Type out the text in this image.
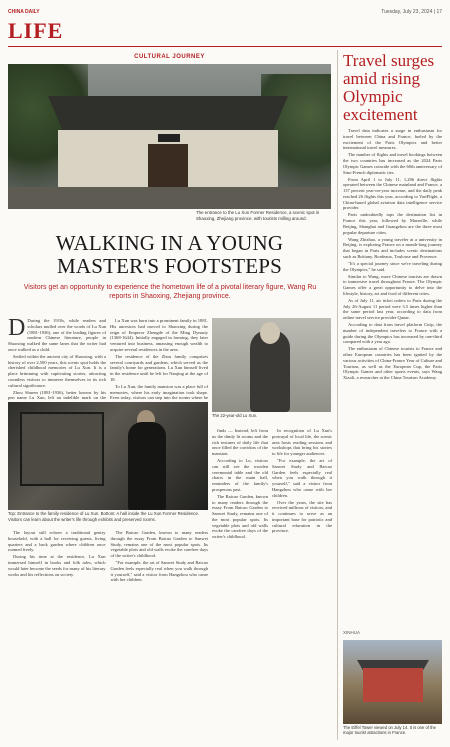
CHINA DAILY	Tuesday, July 23, 2024 | 17
LIFE
CULTURAL JOURNEY
The entrance to the Lu Xun Former Residence, a scenic spot in Shaoxing, Zhejiang province, with tourists milling around.
WALKING IN A YOUNG MASTER'S FOOTSTEPS
Visitors get an opportunity to experience the hometown life of a pivotal literary figure, Wang Ru reports in Shaoxing, Zhejiang province.

D During the 1910s, while readers and scholars mulled over the words of Lu Xun (1881-1936), one of the leading figures of modern Chinese literature, people in Shaoxing walked the same lanes that the writer had once walked as a child.

Settled within the ancient city of Shaoxing, with a history of over 2,500 years, this scenic spot holds the cherished childhood memories of Lu Xun. It is a place brimming with captivating stories, attracting countless visitors to immerse themselves in its rich cultural significance.

Zhou Shuren (1881-1936), better known by his pen name Lu Xun, left an indelible mark on the

Lu Xun was born into a prominent family in 1881. His ancestors had moved to Shaoxing during the reign of Emperor Zhengde of the Ming Dynasty (1368-1644). Initially engaged in farming, they later ventured into business, amassing enough wealth to acquire several residences in the area.

The residence of the Zhou family comprises several courtyards and gardens, which served as the family's home for generations. Lu Xun himself lived in the residence until he left for Nanjing at the age of 18.

To Lu Xun, the family mansion was a place full of memories, where his early imagination took shape. Even today, visitors can step into the rooms where he

The 22-year-old Lu Xun.
Top: Entrance to the family residence of Lu Xun. Bottom: A hall inside the Lu Xun Former Residence. Visitors can learn about the writer's life through exhibits and preserved rooms.

finds — Instead, left from us the dimly lit rooms and the rich textures of daily life that once filled the corridors of the mansion.

According to Lu, visitors can still see the wooden ceremonial table and the old chairs in the main hall, reminders of the family's prosperous past.

The Baicao Garden, known to many readers through the essay From Baicao Garden to Sanwei Study, remains one of the most popular spots. Its vegetable plots and old walls evoke the carefree days of the writer's childhood.

In recognition of Lu Xun's portrayal of local life, the scenic area hosts reading sessions and workshops that bring his stories to life for younger audiences.

"For example, the art of Sanwei Study and Baicao Garden feels especially real when you walk through it yourself," said a visitor from Hangzhou who came with her children.

Over the years, the site has received millions of visitors, and it continues to serve as an important base for patriotic and cultural education in the province.

The layout still echoes a traditional gentry household, with a hall for receiving guests, living quarters and a back garden where children once roamed freely.

During his time at the residence, Lu Xun immersed himself in books and folk tales, which would later become the seeds for many of his literary works and his reflections on society.

The Baicao Garden, known to many readers through the essay From Baicao Garden to Sanwei Study, remains one of the most popular spots. Its vegetable plots and old walls evoke the carefree days of the writer's childhood.

"For example, the art of Sanwei Study and Baicao Garden feels especially real when you walk through it yourself," said a visitor from Hangzhou who came with her children.

Travel surges amid rising Olympic excitement

Travel data indicates a surge in enthusiasm for travel between China and France, fueled by the excitement of the Paris Olympics and better international travel measures.

The number of flights and travel bookings between the two countries has increased as the 2024 Paris Olympic Games coincide with the 60th anniversary of Sino-French diplomatic ties.

From April 1 to July 11, 1,286 direct flights operated between the Chinese mainland and France, a 137 percent year-on-year increase, and the daily peak reached 26 flights this year, according to VariFlight, a China-based global aviation data intelligence service provider.

Paris undoubtedly tops the destination list in France this year, followed by Marseille, while Beijing, Shanghai and Guangzhou are the three most popular departure cities.

Wang Zhizhao, a young traveler at a university in Beijing, is exploring France on a month-long journey that began in Paris and includes scenic destinations such as Brittany, Bordeaux, Toulouse and Provence.

"It's a special journey since we're traveling during the Olympics," he said.

Similar to Wang, more Chinese tourists are drawn to immersive travel throughout France. The Olympic Games offer a great opportunity to delve into the lifestyle, history, art and food of different cities.

As of July 11, air ticket orders to Paris during the July 26-August 11 period were 3.5 times higher than the same period last year, according to data from online travel service provider Qunar.

According to data from travel platform Ctrip, the number of independent travelers to France with a guide during the Olympics has increased by one-third compared with a year ago.

The enthusiasm of Chinese tourists to France and other European countries has been ignited by the various activities of China-France Year of Culture and Tourism, as well as the European Cup, the Paris Olympic Games and other sports events, says Wang Xiaoli, a researcher at the China Tourism Academy.

XINHUA
The Eiffel Tower viewed on July 14. It is one of the major tourist attractions in France.
